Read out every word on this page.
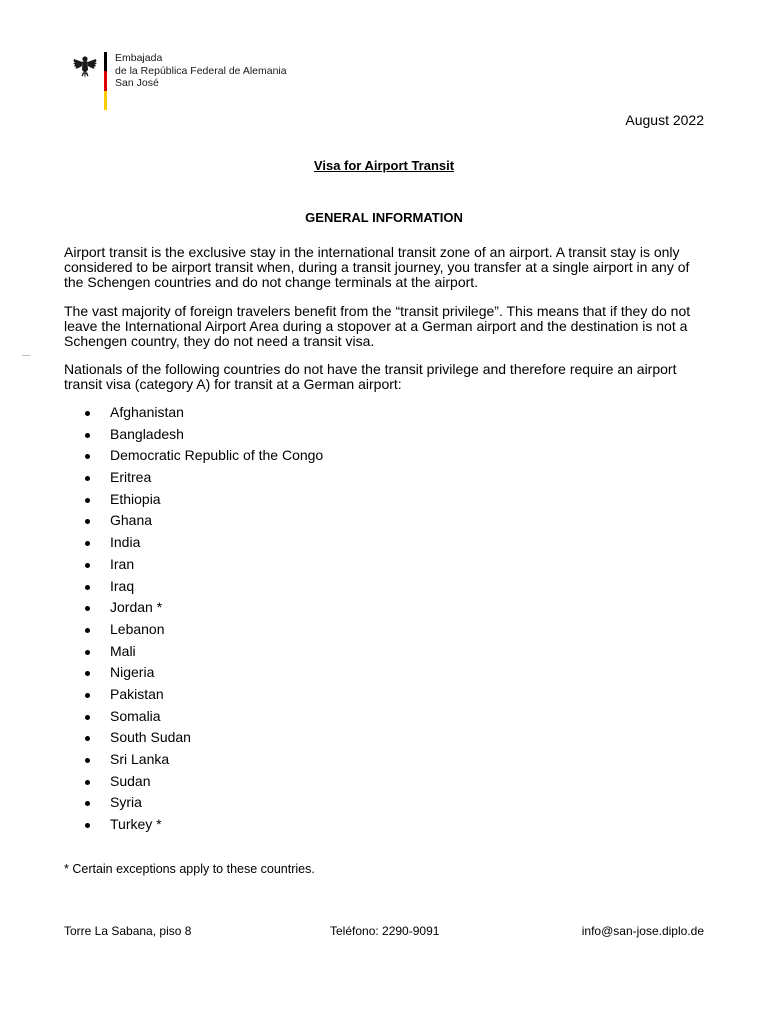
Embajada
de la República Federal de Alemania
San José
August 2022
Visa for Airport Transit
GENERAL INFORMATION

Airport transit is the exclusive stay in the international transit zone of an airport. A transit stay is only considered to be airport transit when, during a transit journey, you transfer at a single airport in any of the Schengen countries and do not change terminals at the airport.

The vast majority of foreign travelers benefit from the “transit privilege”. This means that if they do not leave the International Airport Area during a stopover at a German airport and the destination is not a Schengen country, they do not need a transit visa.

Nationals of the following countries do not have the transit privilege and therefore require an airport transit visa (category A) for transit at a German airport:

Afghanistan
Bangladesh
Democratic Republic of the Congo
Eritrea
Ethiopia
Ghana
India
Iran
Iraq
Jordan *
Lebanon
Mali
Nigeria
Pakistan
Somalia
South Sudan
Sri Lanka
Sudan
Syria
Turkey *
* Certain exceptions apply to these countries.
Torre La Sabana, piso 8	Teléfono: 2290-9091	info@san-jose.diplo.de
